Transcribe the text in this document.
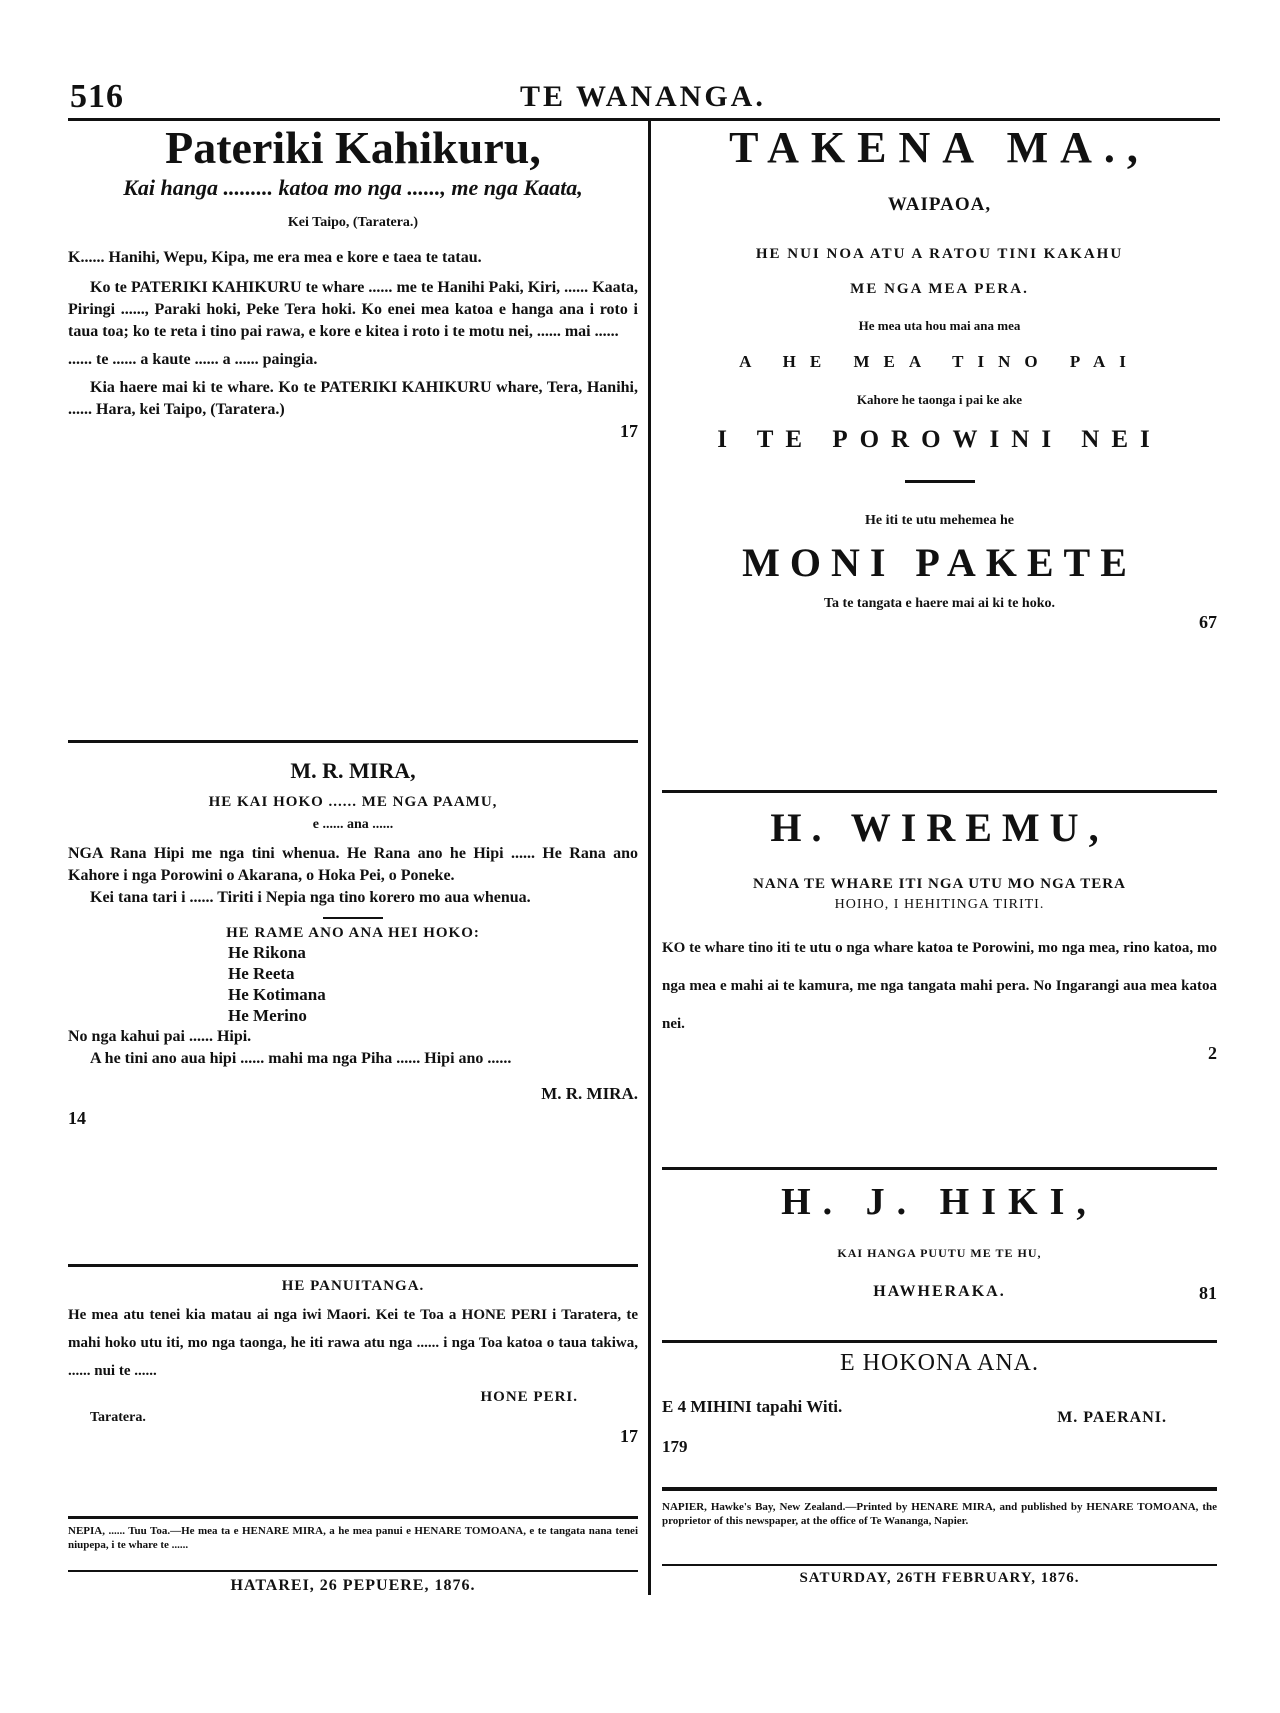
516	TE WANANGA.
Pateriki Kahikuru,
Kai hanga ......... katoa mo nga ......, me nga Kaata,
Kei Taipo, (Taratera.)
K...... Hanihi, Wepu, Kipa, me era mea e kore e taea te tatau.
Ko te PATERIKI KAHIKURU te whare ...... me te Hanihi Paki, Kiri, ...... Kaata, Piringi ......, Paraki hoki, Peke Tera hoki. Ko enei mea katoa e hanga ana i roto i taua toa; ko te reta i tino pai rawa, e kore e kitea i roto i te motu nei, ...... mai ......
...... te ...... a kaute ...... a ...... paingia.
Kia haere mai ki te whare. Ko te PATERIKI KAHIKURU whare, Tera, Hanihi, ...... Hara, kei Taipo, (Taratera.)
17
M. R. MIRA,
HE KAI HOKO ...... ME NGA PAAMU,
e ...... ana ......
NGA Rana Hipi me nga tini whenua. He Rana ano he Hipi ...... He Rana ano Kahore i nga Porowini o Akarana, o Hoka Pei, o Poneke.
Kei tana tari i ...... Tiriti i Nepia nga tino korero mo aua whenua.
HE RAME ANO ANA HEI HOKO:
He Rikona
He Reeta
He Kotimana
He Merino
No nga kahui pai ...... Hipi.
A he tini ano aua hipi ...... mahi ma nga Piha ...... Hipi ano ......
M. R. MIRA.
14
HE PANUITANGA.
He mea atu tenei kia matau ai nga iwi Maori. Kei te Toa a HONE PERI i Taratera, te mahi hoko utu iti, mo nga taonga, he iti rawa atu nga ...... i nga Toa katoa o taua takiwa, ...... nui te ......
HONE PERI.
Taratera.
17
NEPIA, ...... Tuu Toa.—He mea ta e HENARE MIRA, a he mea panui e HENARE TOMOANA, e te tangata nana tenei niupepa, i te whare te ......
HATAREI, 26 PEPUERE, 1876.
TAKENA MA.,
WAIPAOA,
HE NUI NOA ATU A RATOU TINI KAKAHU
ME NGA MEA PERA.
He mea uta hou mai ana mea
A HE MEA TINO PAI
Kahore he taonga i pai ke ake
I TE POROWINI NEI
He iti te utu mehemea he
MONI PAKETE
Ta te tangata e haere mai ai ki te hoko.
67
H. WIREMU,
NANA TE WHARE ITI NGA UTU MO NGA TERA
HOIHO, I HEHITINGA TIRITI.
KO te whare tino iti te utu o nga whare katoa te Porowini, mo nga mea, rino katoa, mo nga mea e mahi ai te kamura, me nga tangata mahi pera. No Ingarangi aua mea katoa nei.
2
H. J. HIKI,
KAI HANGA PUUTU ME TE HU,
HAWHERAKA.	81
E HOKONA ANA.
E 4 MIHINI tapahi Witi.
M. PAERANI.
179
NAPIER, Hawke's Bay, New Zealand.—Printed by HENARE MIRA, and published by HENARE TOMOANA, the proprietor of this newspaper, at the office of Te Wananga, Napier.
SATURDAY, 26TH FEBRUARY, 1876.
